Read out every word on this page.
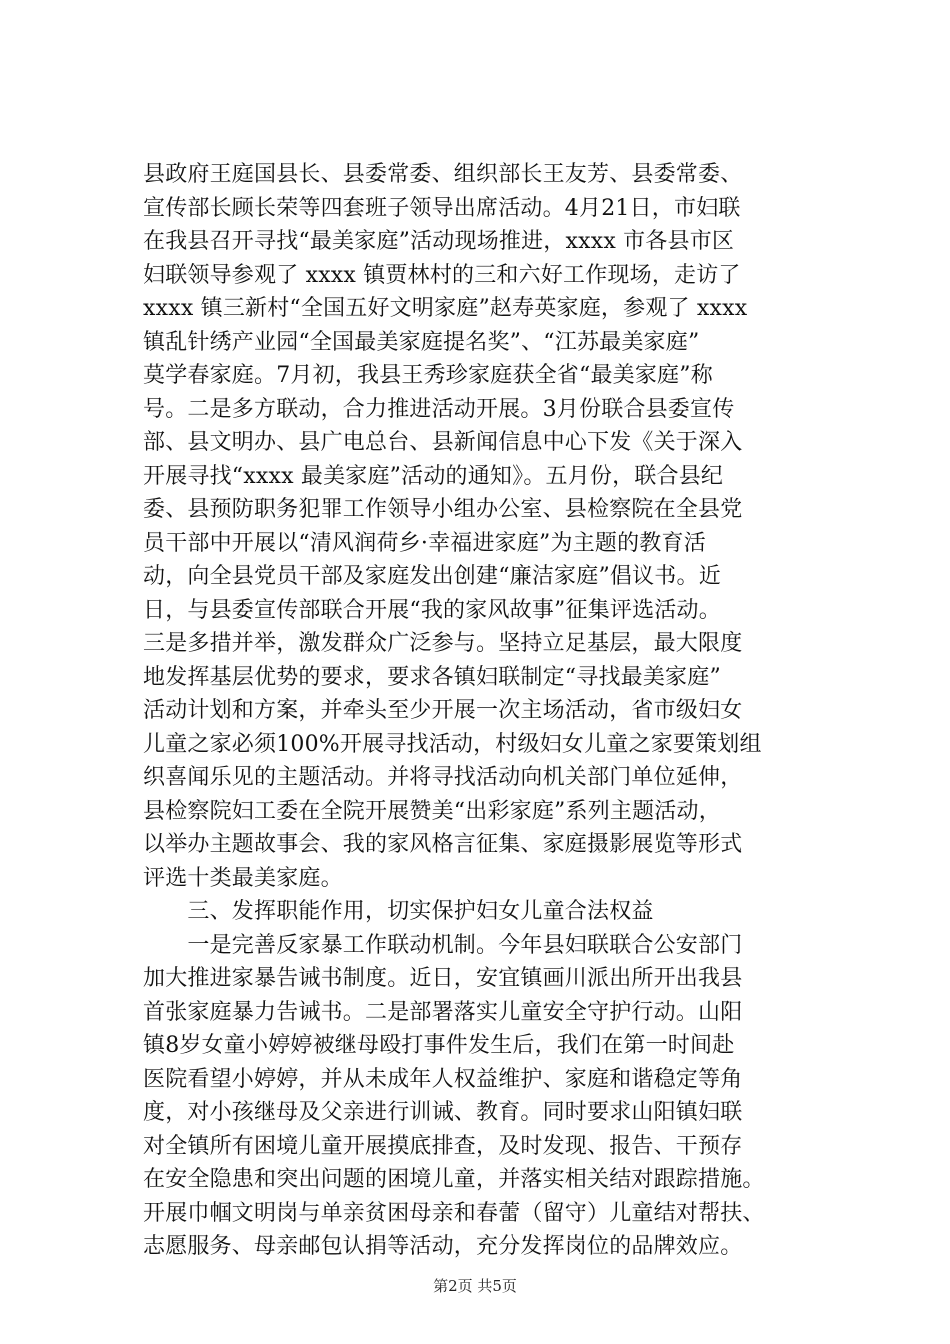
县政府王庭国县长、县委常委、组织部长王友芳、县委常委、
宣传部长顾长荣等四套班子领导出席活动。4月21日，市妇联
在我县召开寻找“最美家庭”活动现场推进，xxxx 市各县市区
妇联领导参观了 xxxx 镇贾林村的三和六好工作现场，走访了
xxxx 镇三新村“全国五好文明家庭”赵寿英家庭，参观了 xxxx
镇乱针绣产业园“全国最美家庭提名奖”、“江苏最美家庭”
莫学春家庭。7月初，我县王秀珍家庭获全省“最美家庭”称
号。二是多方联动，合力推进活动开展。3月份联合县委宣传
部、县文明办、县广电总台、县新闻信息中心下发《关于深入
开展寻找“xxxx 最美家庭”活动的通知》。五月份，联合县纪
委、县预防职务犯罪工作领导小组办公室、县检察院在全县党
员干部中开展以“清风润荷乡·幸福进家庭”为主题的教育活
动，向全县党员干部及家庭发出创建“廉洁家庭”倡议书。近
日，与县委宣传部联合开展“我的家风故事”征集评选活动。
三是多措并举，激发群众广泛参与。坚持立足基层，最大限度
地发挥基层优势的要求，要求各镇妇联制定“寻找最美家庭”
活动计划和方案，并牵头至少开展一次主场活动，省市级妇女
儿童之家必须100%开展寻找活动，村级妇女儿童之家要策划组
织喜闻乐见的主题活动。并将寻找活动向机关部门单位延伸，
县检察院妇工委在全院开展赞美“出彩家庭”系列主题活动，
以举办主题故事会、我的家风格言征集、家庭摄影展览等形式
评选十类最美家庭。
　　三、发挥职能作用，切实保护妇女儿童合法权益
　　一是完善反家暴工作联动机制。今年县妇联联合公安部门
加大推进家暴告诫书制度。近日，安宜镇画川派出所开出我县
首张家庭暴力告诫书。二是部署落实儿童安全守护行动。山阳
镇8岁女童小婷婷被继母殴打事件发生后，我们在第一时间赴
医院看望小婷婷，并从未成年人权益维护、家庭和谐稳定等角
度，对小孩继母及父亲进行训诫、教育。同时要求山阳镇妇联
对全镇所有困境儿童开展摸底排查，及时发现、报告、干预存
在安全隐患和突出问题的困境儿童，并落实相关结对跟踪措施。
开展巾帼文明岗与单亲贫困母亲和春蕾（留守）儿童结对帮扶、
志愿服务、母亲邮包认捐等活动，充分发挥岗位的品牌效应。
第2页 共5页
